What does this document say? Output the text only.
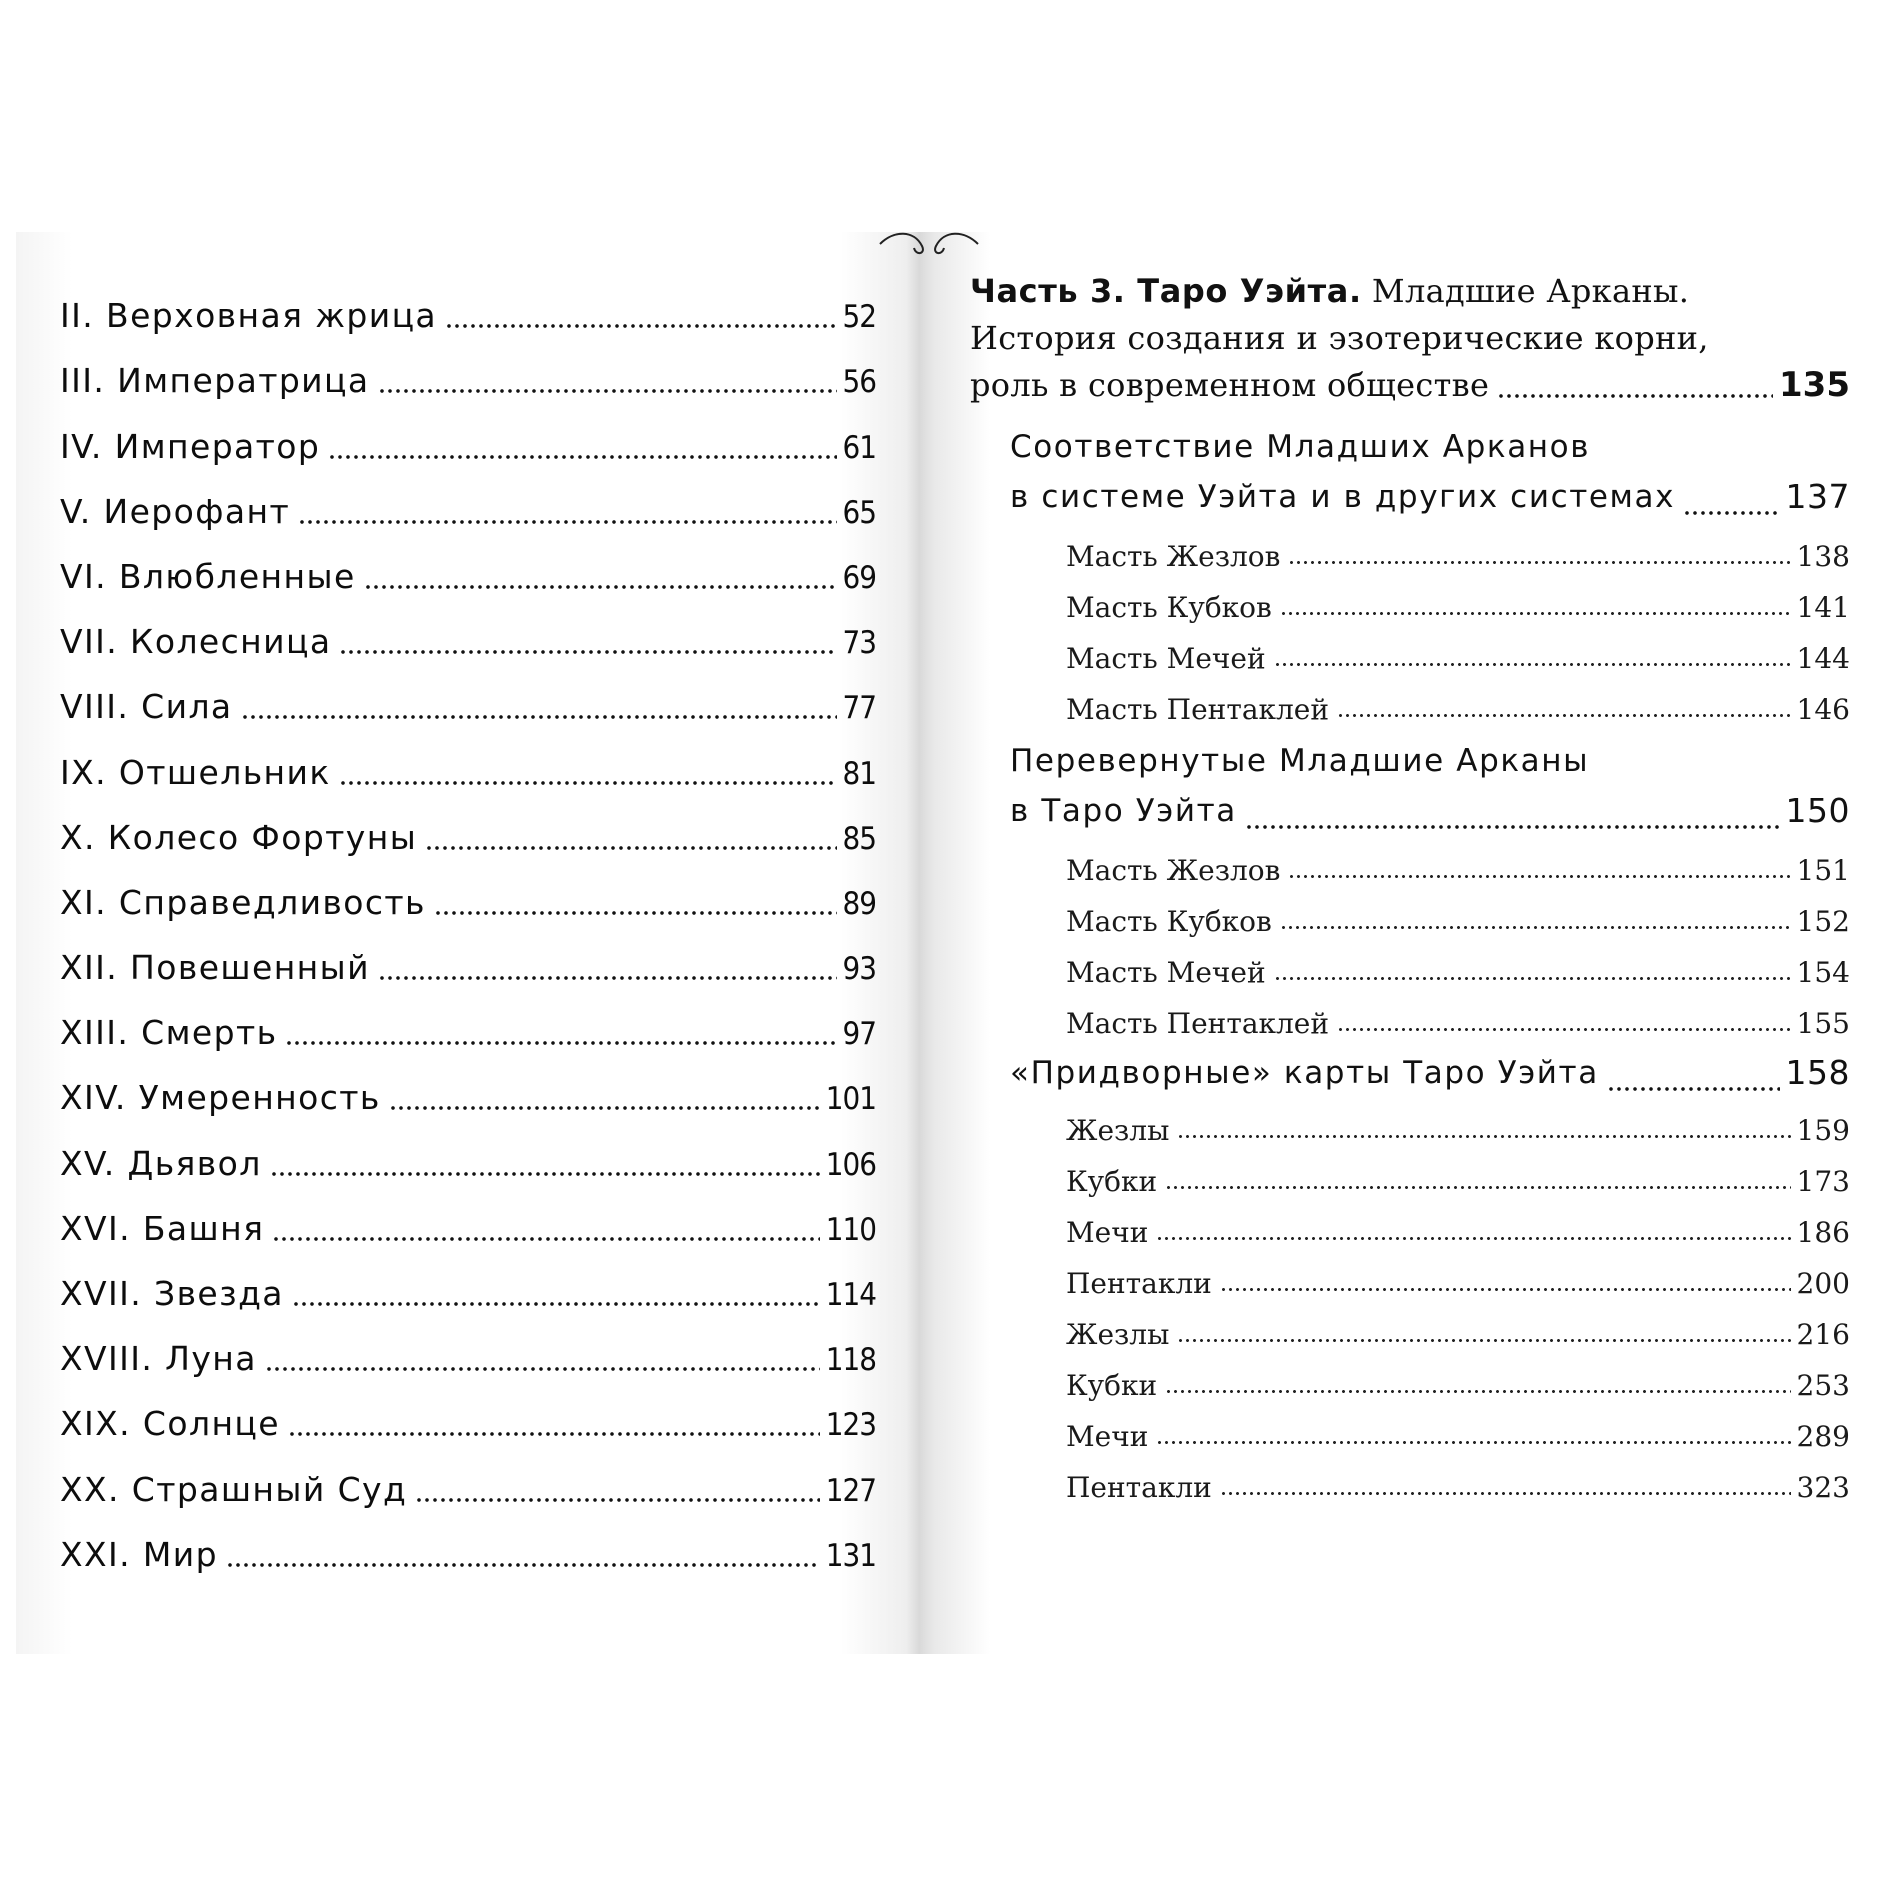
II. Верховная жрица	52
III. Императрица	56
IV. Император	61
V. Иерофант	65
VI. Влюбленные	69
VII. Колесница	73
VIII. Сила	77
IX. Отшельник	81
X. Колесо Фортуны	85
XI. Справедливость	89
XII. Повешенный	93
XIII. Смерть	97
XIV. Умеренность	101
XV. Дьявол	106
XVI. Башня	110
XVII. Звезда	114
XVIII. Луна	118
XIX. Солнце	123
XX. Страшный Суд	127
XXI. Мир	131
Часть 3. Таро Уэйта. Младшие Арканы.
История создания и эзотерические корни,
роль в современном обществе	135
Соответствие Младших Арканов
в системе Уэйта и в других системах	137
Масть Жезлов	138
Масть Кубков	141
Масть Мечей	144
Масть Пентаклей	146
Перевернутые Младшие Арканы
в Таро Уэйта	150
Масть Жезлов	151
Масть Кубков	152
Масть Мечей	154
Масть Пентаклей	155
«Придворные» карты Таро Уэйта	158
Жезлы	159
Кубки	173
Мечи	186
Пентакли	200
Жезлы	216
Кубки	253
Мечи	289
Пентакли	323
